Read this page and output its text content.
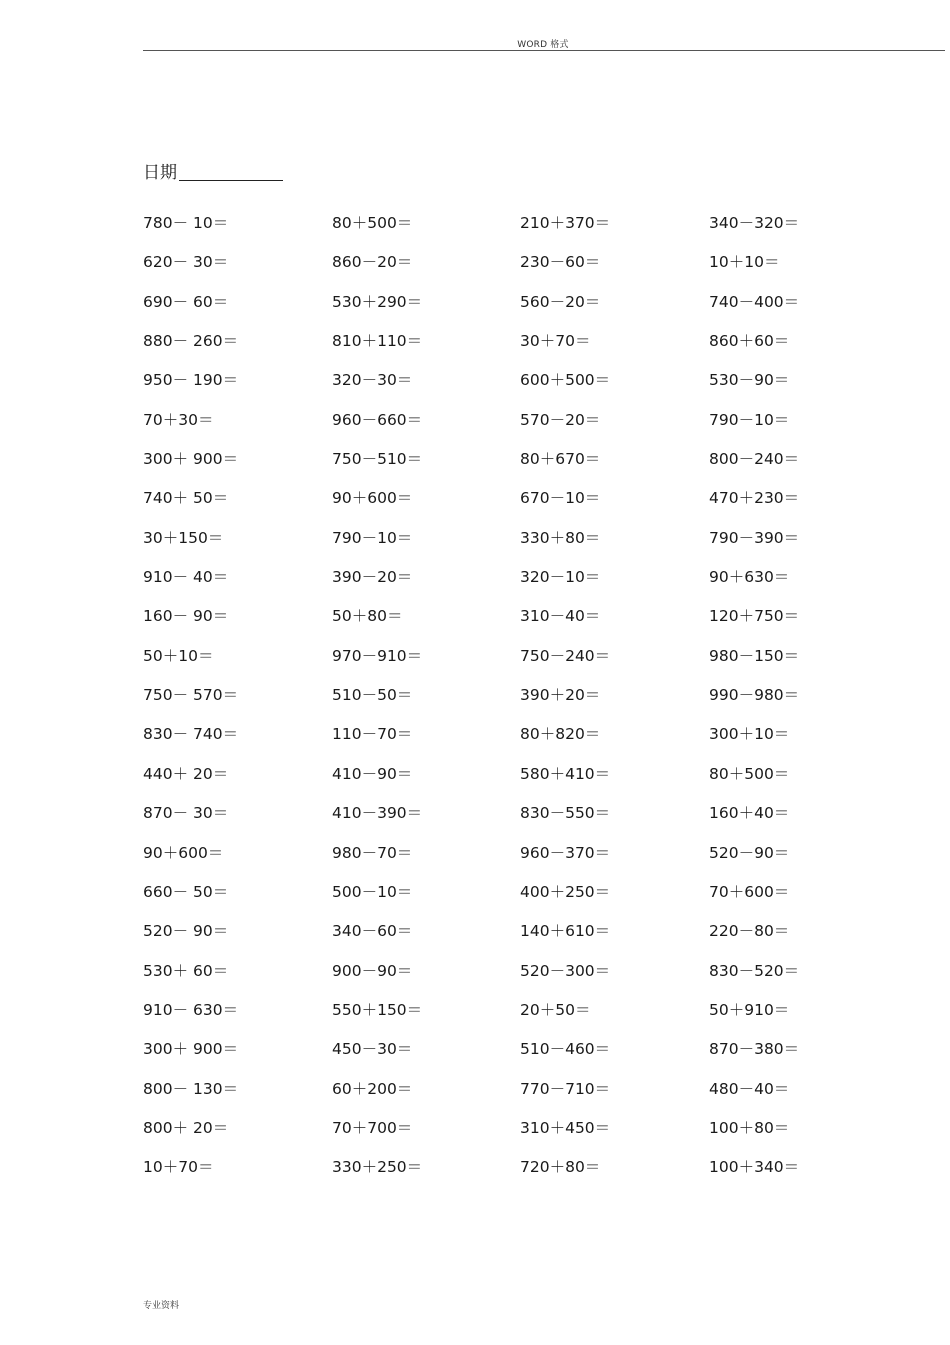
WORD 格式
日期
780－ 10＝	80＋500＝	210＋370＝	340－320＝
620－ 30＝	860－20＝	230－60＝	10＋10＝
690－ 60＝	530＋290＝	560－20＝	740－400＝
880－ 260＝	810＋110＝	30＋70＝	860＋60＝
950－ 190＝	320－30＝	600＋500＝	530－90＝
70＋30＝	960－660＝	570－20＝	790－10＝
300＋ 900＝	750－510＝	80＋670＝	800－240＝
740＋ 50＝	90＋600＝	670－10＝	470＋230＝
30＋150＝	790－10＝	330＋80＝	790－390＝
910－ 40＝	390－20＝	320－10＝	90＋630＝
160－ 90＝	50＋80＝	310－40＝	120＋750＝
50＋10＝	970－910＝	750－240＝	980－150＝
750－ 570＝	510－50＝	390＋20＝	990－980＝
830－ 740＝	110－70＝	80＋820＝	300＋10＝
440＋ 20＝	410－90＝	580＋410＝	80＋500＝
870－ 30＝	410－390＝	830－550＝	160＋40＝
90＋600＝	980－70＝	960－370＝	520－90＝
660－ 50＝	500－10＝	400＋250＝	70＋600＝
520－ 90＝	340－60＝	140＋610＝	220－80＝
530＋ 60＝	900－90＝	520－300＝	830－520＝
910－ 630＝	550＋150＝	20＋50＝	50＋910＝
300＋ 900＝	450－30＝	510－460＝	870－380＝
800－ 130＝	60＋200＝	770－710＝	480－40＝
800＋ 20＝	70＋700＝	310＋450＝	100＋80＝
10＋70＝	330＋250＝	720＋80＝	100＋340＝
专业资料
